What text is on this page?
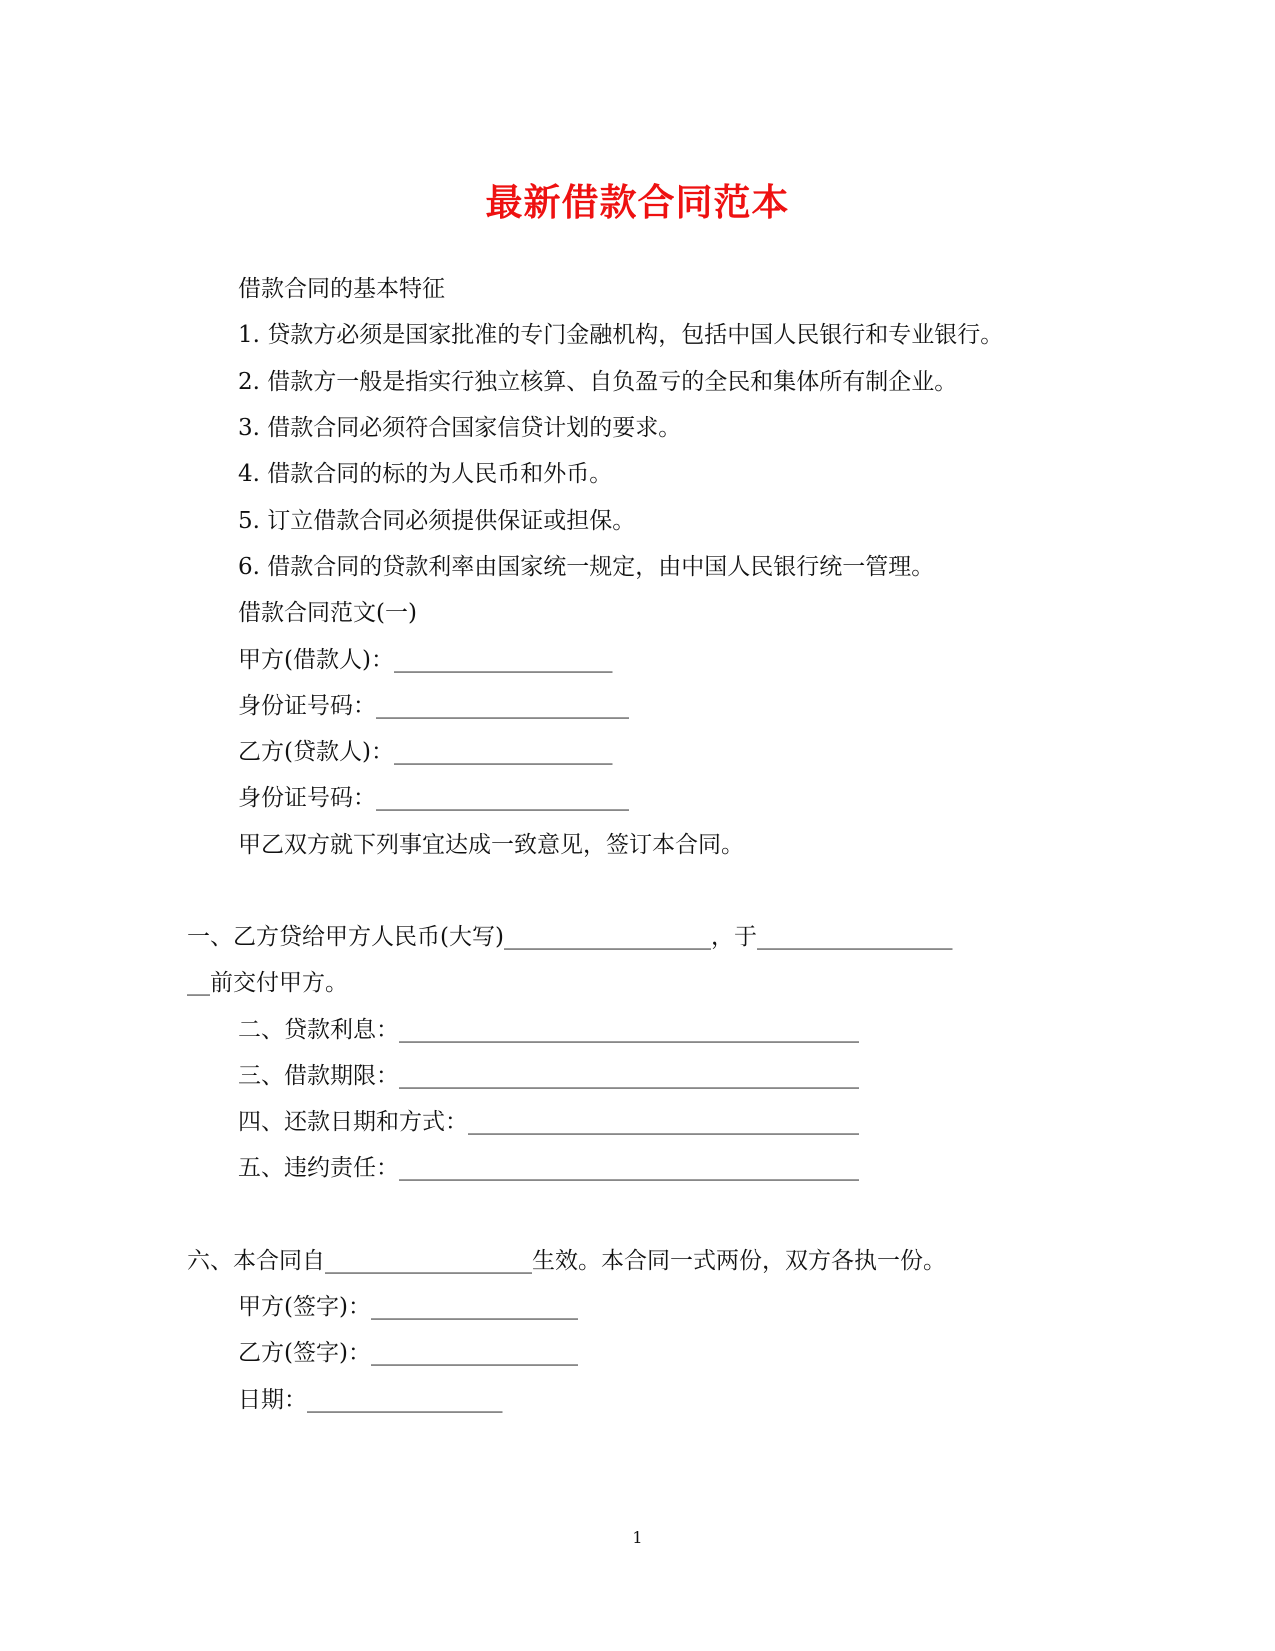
最新借款合同范本
借款合同的基本特征
1. 贷款方必须是国家批准的专门金融机构，包括中国人民银行和专业银行。
2. 借款方一般是指实行独立核算、自负盈亏的全民和集体所有制企业。
3. 借款合同必须符合国家信贷计划的要求。
4. 借款合同的标的为人民币和外币。
5. 订立借款合同必须提供保证或担保。
6. 借款合同的贷款利率由国家统一规定，由中国人民银行统一管理。
借款合同范文(一)
甲方(借款人)：___________________
身份证号码：______________________
乙方(贷款人)：___________________
身份证号码：______________________
甲乙双方就下列事宜达成一致意见，签订本合同。
一、乙方贷给甲方人民币(大写)__________________，于_________________
__前交付甲方。
二、贷款利息：________________________________________
三、借款期限：________________________________________
四、还款日期和方式：__________________________________
五、违约责任：________________________________________
六、本合同自__________________生效。本合同一式两份，双方各执一份。
甲方(签字)：__________________
乙方(签字)：__________________
日期：_________________
1
